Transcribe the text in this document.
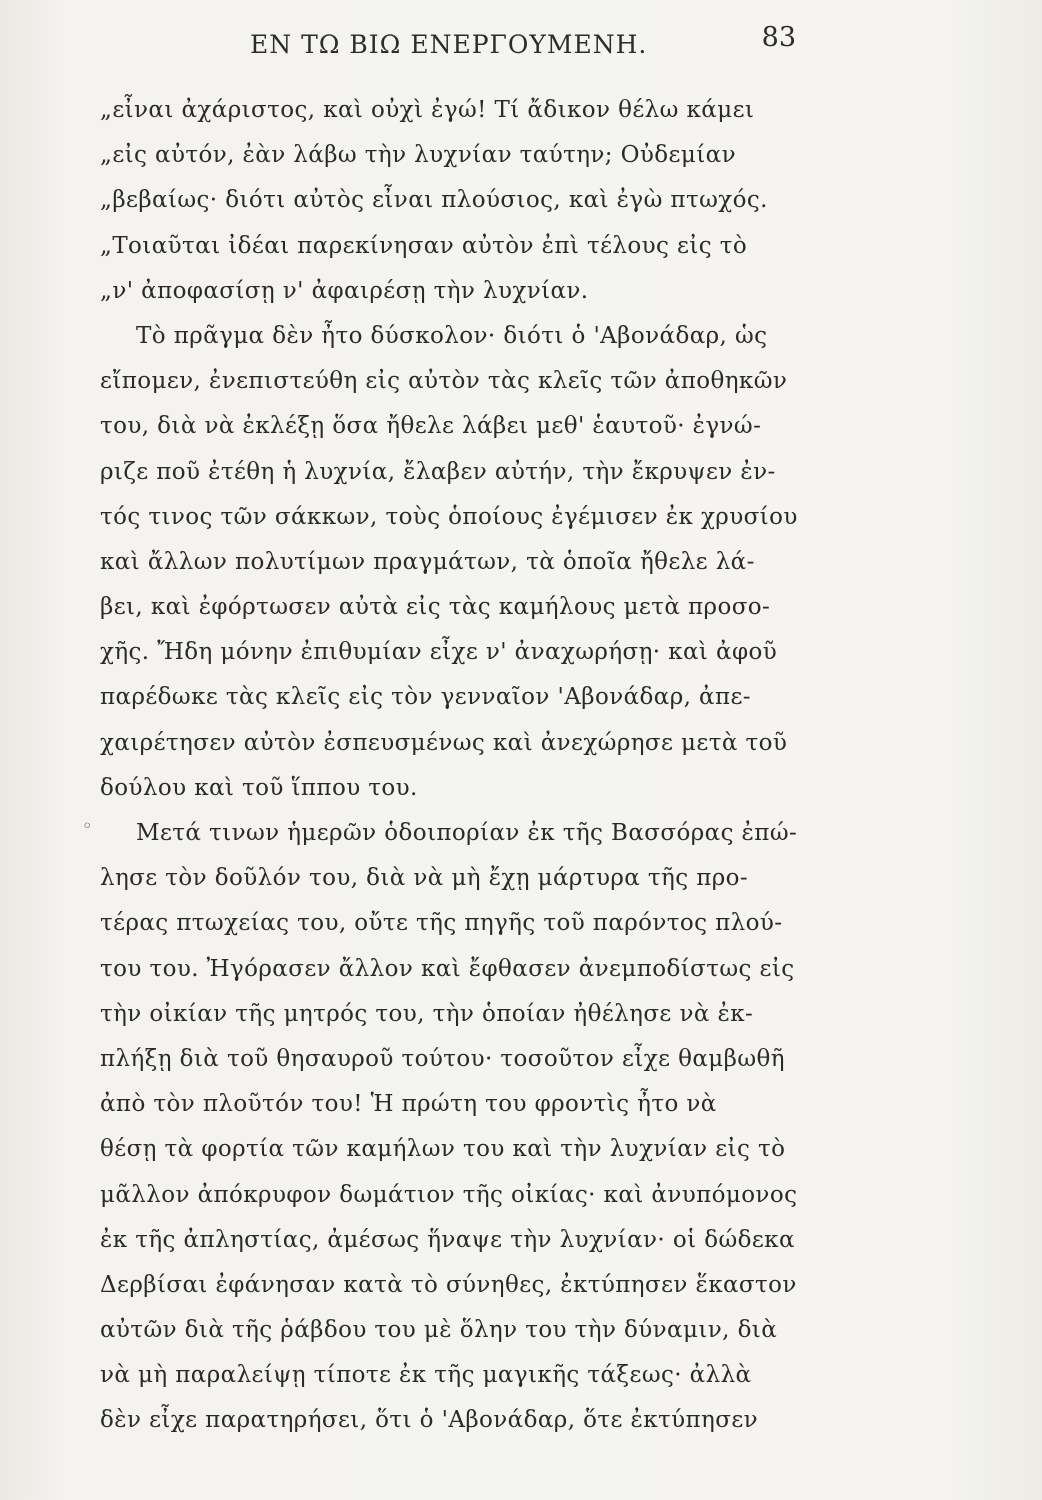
ΕΝ ΤΩ ΒΙΩ ΕΝΕΡΓΟΥΜΕΝΗ.	83
◦
„εἶναι ἀχάριστος, καὶ οὐχὶ ἐγώ! Τί ἄδικον θέλω κάμει
„εἰς αὐτόν, ἐὰν λάβω τὴν λυχνίαν ταύτην; Οὐδεμίαν
„βεβαίως· διότι αὐτὸς εἶναι πλούσιος, καὶ ἐγὼ πτωχός.
„Τοιαῦται ἰδέαι παρεκίνησαν αὐτὸν ἐπὶ τέλους εἰς τὸ
„ν' ἀποφασίσῃ ν' ἀφαιρέσῃ τὴν λυχνίαν.
Τὸ πρᾶγμα δὲν ἦτο δύσκολον· διότι ὁ 'Αβονάδαρ, ὡς
εἴπομεν, ἐνεπιστεύθη εἰς αὐτὸν τὰς κλεῖς τῶν ἀποθηκῶν
του, διὰ νὰ ἐκλέξῃ ὅσα ἤθελε λάβει μεθ' ἑαυτοῦ· ἐγνώ-
ριζε ποῦ ἐτέθη ἡ λυχνία, ἔλαβεν αὐτήν, τὴν ἔκρυψεν ἐν-
τός τινος τῶν σάκκων, τοὺς ὁποίους ἐγέμισεν ἐκ χρυσίου
καὶ ἄλλων πολυτίμων πραγμάτων, τὰ ὁποῖα ἤθελε λά-
βει, καὶ ἐφόρτωσεν αὐτὰ εἰς τὰς καμήλους μετὰ προσο-
χῆς. Ἤδη μόνην ἐπιθυμίαν εἶχε ν' ἀναχωρήσῃ· καὶ ἀφοῦ
παρέδωκε τὰς κλεῖς εἰς τὸν γενναῖον 'Αβονάδαρ, ἀπε-
χαιρέτησεν αὐτὸν ἐσπευσμένως καὶ ἀνεχώρησε μετὰ τοῦ
δούλου καὶ τοῦ ἵππου του.
Μετά τινων ἡμερῶν ὁδοιπορίαν ἐκ τῆς Βασσόρας ἐπώ-
λησε τὸν δοῦλόν του, διὰ νὰ μὴ ἔχῃ μάρτυρα τῆς προ-
τέρας πτωχείας του, οὔτε τῆς πηγῆς τοῦ παρόντος πλού-
του του. Ἠγόρασεν ἄλλον καὶ ἔφθασεν ἀνεμποδίστως εἰς
τὴν οἰκίαν τῆς μητρός του, τὴν ὁποίαν ἠθέλησε νὰ ἐκ-
πλήξῃ διὰ τοῦ θησαυροῦ τούτου· τοσοῦτον εἶχε θαμβωθῆ
ἀπὸ τὸν πλοῦτόν του! Ἡ πρώτη του φροντὶς ἦτο νὰ
θέσῃ τὰ φορτία τῶν καμήλων του καὶ τὴν λυχνίαν εἰς τὸ
μᾶλλον ἀπόκρυφον δωμάτιον τῆς οἰκίας· καὶ ἀνυπόμονος
ἐκ τῆς ἀπληστίας, ἀμέσως ἥναψε τὴν λυχνίαν· οἱ δώδεκα
Δερβίσαι ἐφάνησαν κατὰ τὸ σύνηθες, ἐκτύπησεν ἕκαστον
αὐτῶν διὰ τῆς ῥάβδου του μὲ ὅλην του τὴν δύναμιν, διὰ
νὰ μὴ παραλείψῃ τίποτε ἐκ τῆς μαγικῆς τάξεως· ἀλλὰ
δὲν εἶχε παρατηρήσει, ὅτι ὁ 'Αβονάδαρ, ὅτε ἐκτύπησεν
